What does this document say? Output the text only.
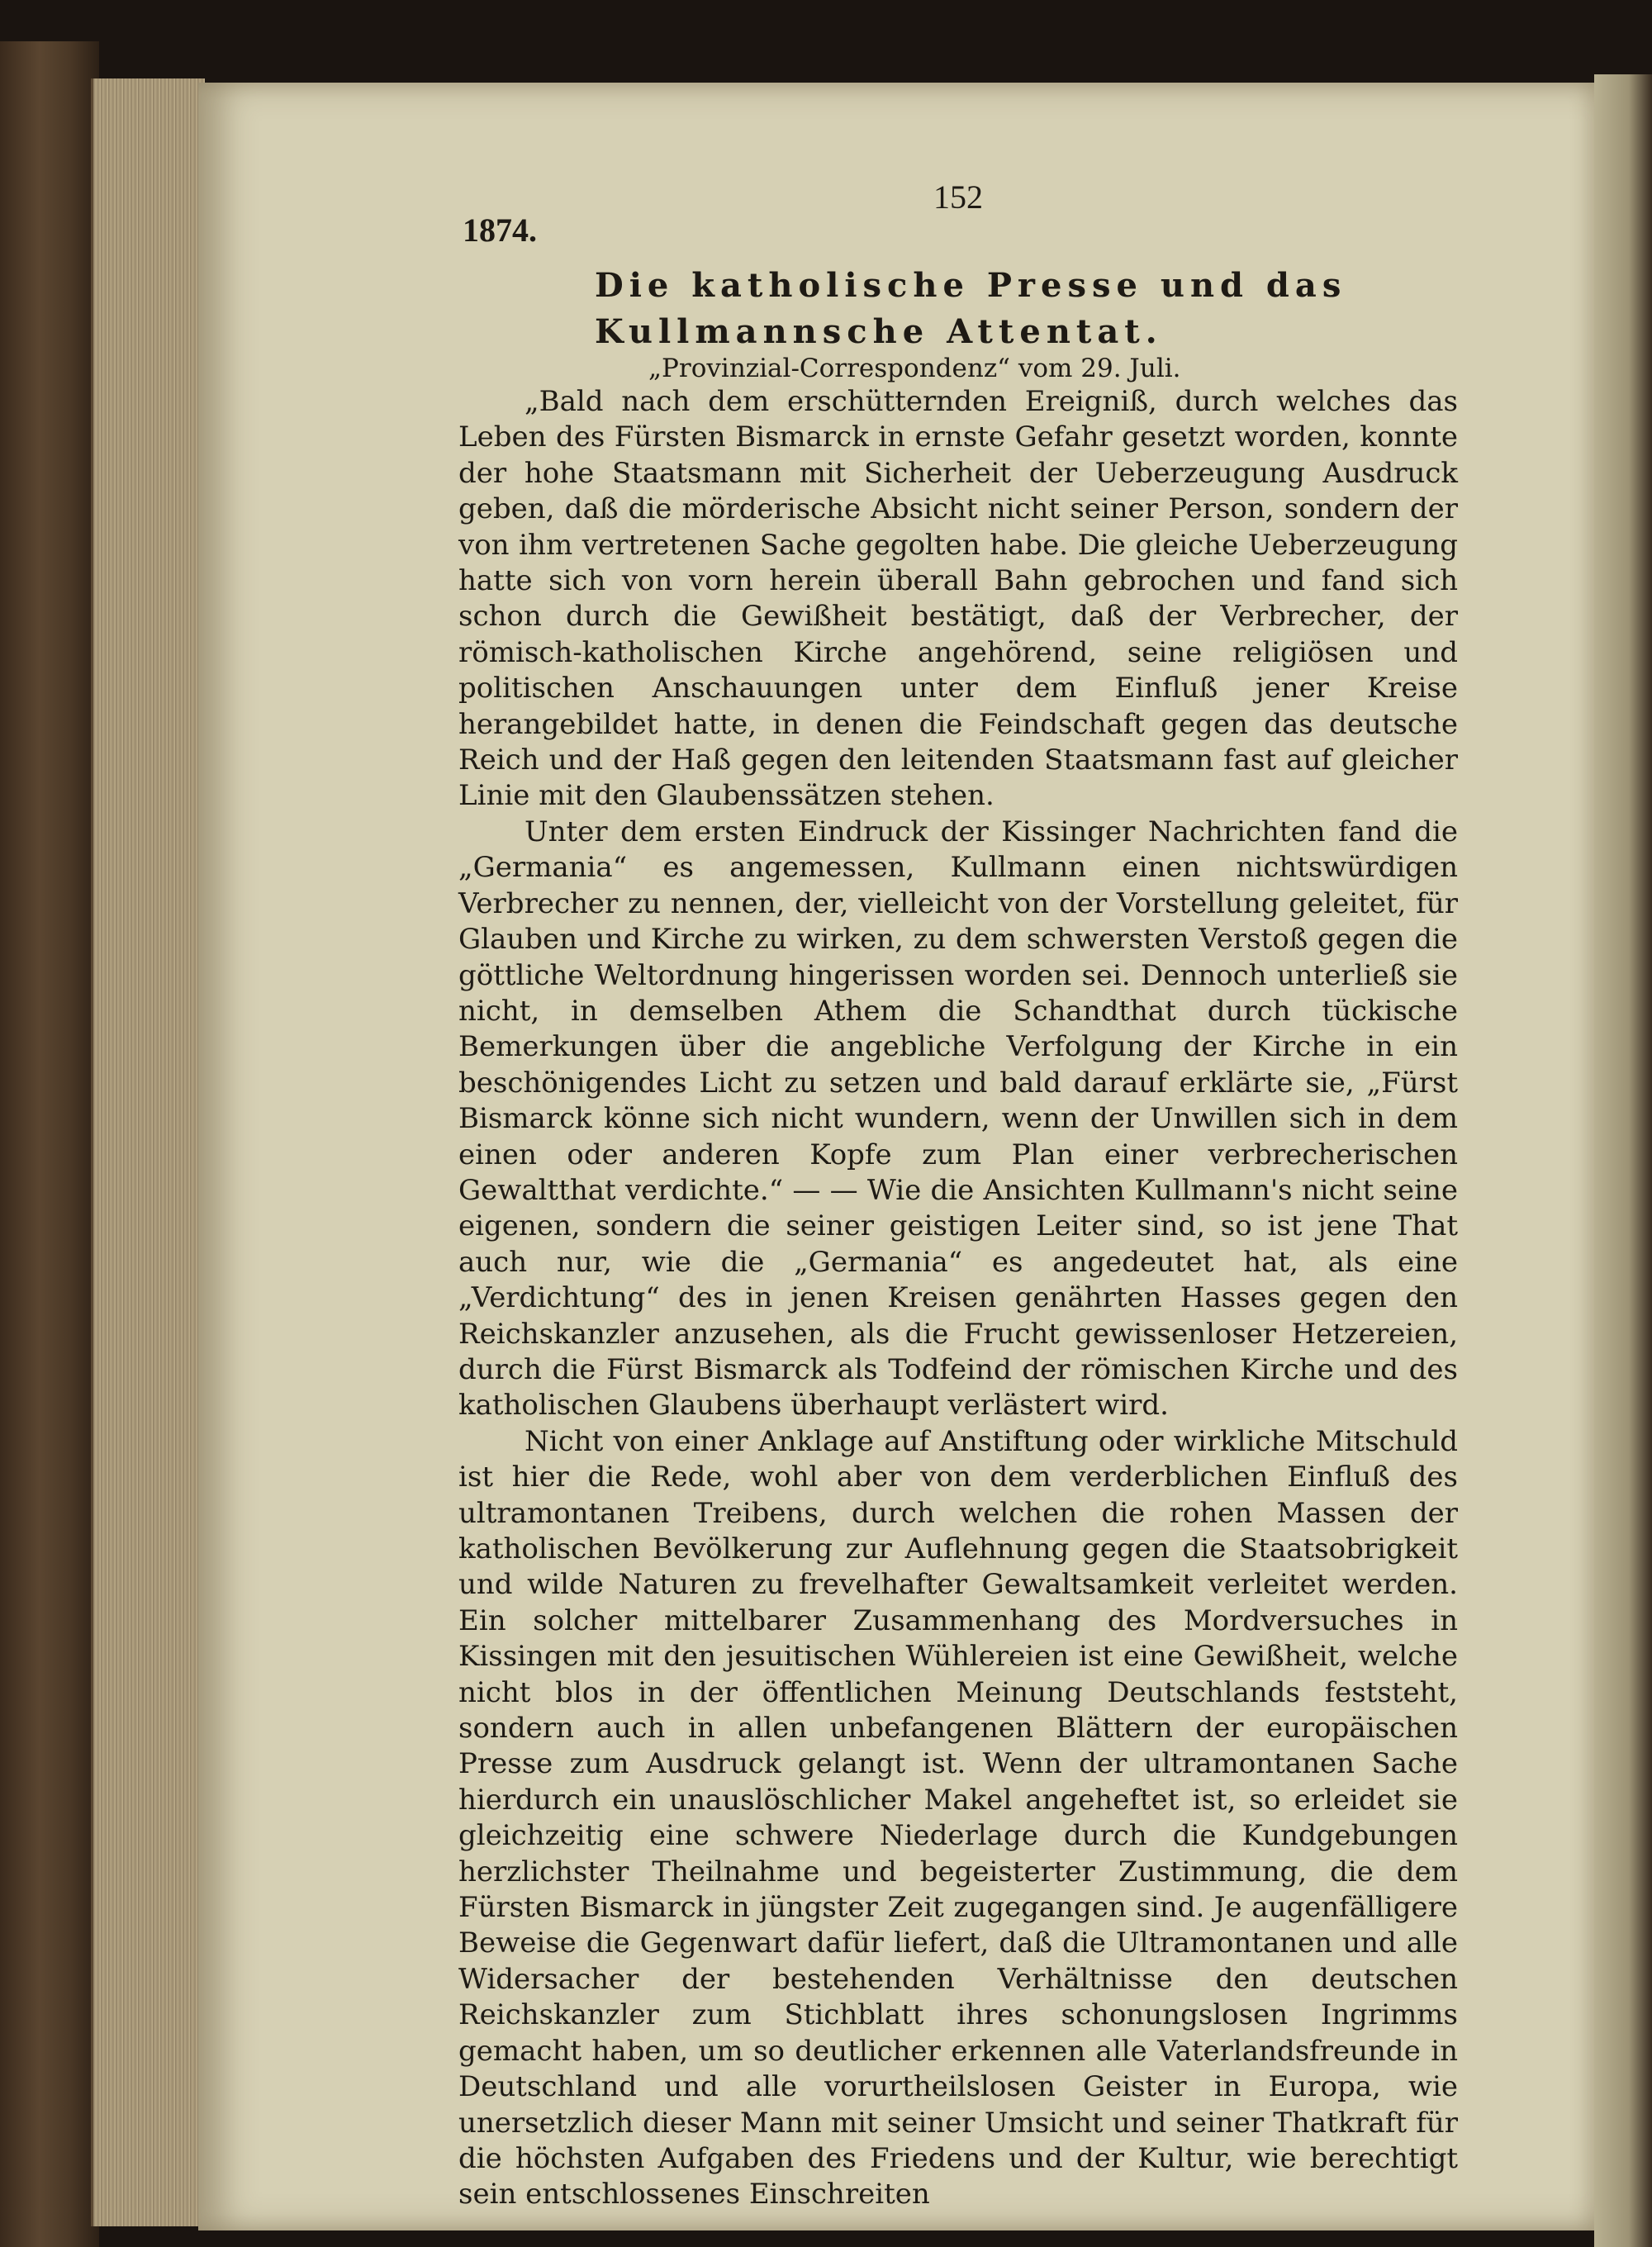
1874.
152
Die katholische Presse und das Kullmannsche Attentat.
„Provinzial-Correspondenz“ vom 29. Juli.

„Bald nach dem erschütternden Ereigniß, durch welches das Leben des Fürsten Bismarck in ernste Gefahr gesetzt worden, konnte der hohe Staatsmann mit Sicherheit der Ueberzeugung Ausdruck geben, daß die mörderische Absicht nicht seiner Person, sondern der von ihm vertretenen Sache gegolten habe. Die gleiche Ueberzeugung hatte sich von vorn herein überall Bahn gebrochen und fand sich schon durch die Gewißheit bestätigt, daß der Verbrecher, der römisch-katholischen Kirche angehörend, seine religiösen und politischen Anschauungen unter dem Einfluß jener Kreise herangebildet hatte, in denen die Feindschaft gegen das deutsche Reich und der Haß gegen den leitenden Staatsmann fast auf gleicher Linie mit den Glaubenssätzen stehen.

Unter dem ersten Eindruck der Kissinger Nachrichten fand die „Germania“ es angemessen, Kullmann einen nichtswürdigen Verbrecher zu nennen, der, vielleicht von der Vorstellung geleitet, für Glauben und Kirche zu wirken, zu dem schwersten Verstoß gegen die göttliche Weltordnung hingerissen worden sei. Dennoch unterließ sie nicht, in demselben Athem die Schandthat durch tückische Bemerkungen über die angebliche Verfolgung der Kirche in ein beschönigendes Licht zu setzen und bald darauf erklärte sie, „Fürst Bismarck könne sich nicht wundern, wenn der Unwillen sich in dem einen oder anderen Kopfe zum Plan einer verbrecherischen Gewaltthat verdichte.“ — — Wie die Ansichten Kullmann's nicht seine eigenen, sondern die seiner geistigen Leiter sind, so ist jene That auch nur, wie die „Germania“ es angedeutet hat, als eine „Verdichtung“ des in jenen Kreisen genährten Hasses gegen den Reichskanzler anzusehen, als die Frucht gewissenloser Hetzereien, durch die Fürst Bismarck als Todfeind der römischen Kirche und des katholischen Glaubens überhaupt verlästert wird.

Nicht von einer Anklage auf Anstiftung oder wirkliche Mitschuld ist hier die Rede, wohl aber von dem verderblichen Einfluß des ultramontanen Treibens, durch welchen die rohen Massen der katholischen Bevölkerung zur Auflehnung gegen die Staatsobrigkeit und wilde Naturen zu frevelhafter Gewaltsamkeit verleitet werden. Ein solcher mittelbarer Zusammenhang des Mordversuches in Kissingen mit den jesuitischen Wühlereien ist eine Gewißheit, welche nicht blos in der öffentlichen Meinung Deutschlands feststeht, sondern auch in allen unbefangenen Blättern der europäischen Presse zum Ausdruck gelangt ist. Wenn der ultramontanen Sache hierdurch ein unauslöschlicher Makel angeheftet ist, so erleidet sie gleichzeitig eine schwere Niederlage durch die Kundgebungen herzlichster Theilnahme und begeisterter Zustimmung, die dem Fürsten Bismarck in jüngster Zeit zugegangen sind. Je augenfälligere Beweise die Gegenwart dafür liefert, daß die Ultramontanen und alle Widersacher der bestehenden Verhältnisse den deutschen Reichskanzler zum Stichblatt ihres schonungslosen Ingrimms gemacht haben, um so deutlicher erkennen alle Vaterlandsfreunde in Deutschland und alle vorurtheilslosen Geister in Europa, wie unersetzlich dieser Mann mit seiner Umsicht und seiner Thatkraft für die höchsten Aufgaben des Friedens und der Kultur, wie berechtigt sein entschlossenes Einschreiten
